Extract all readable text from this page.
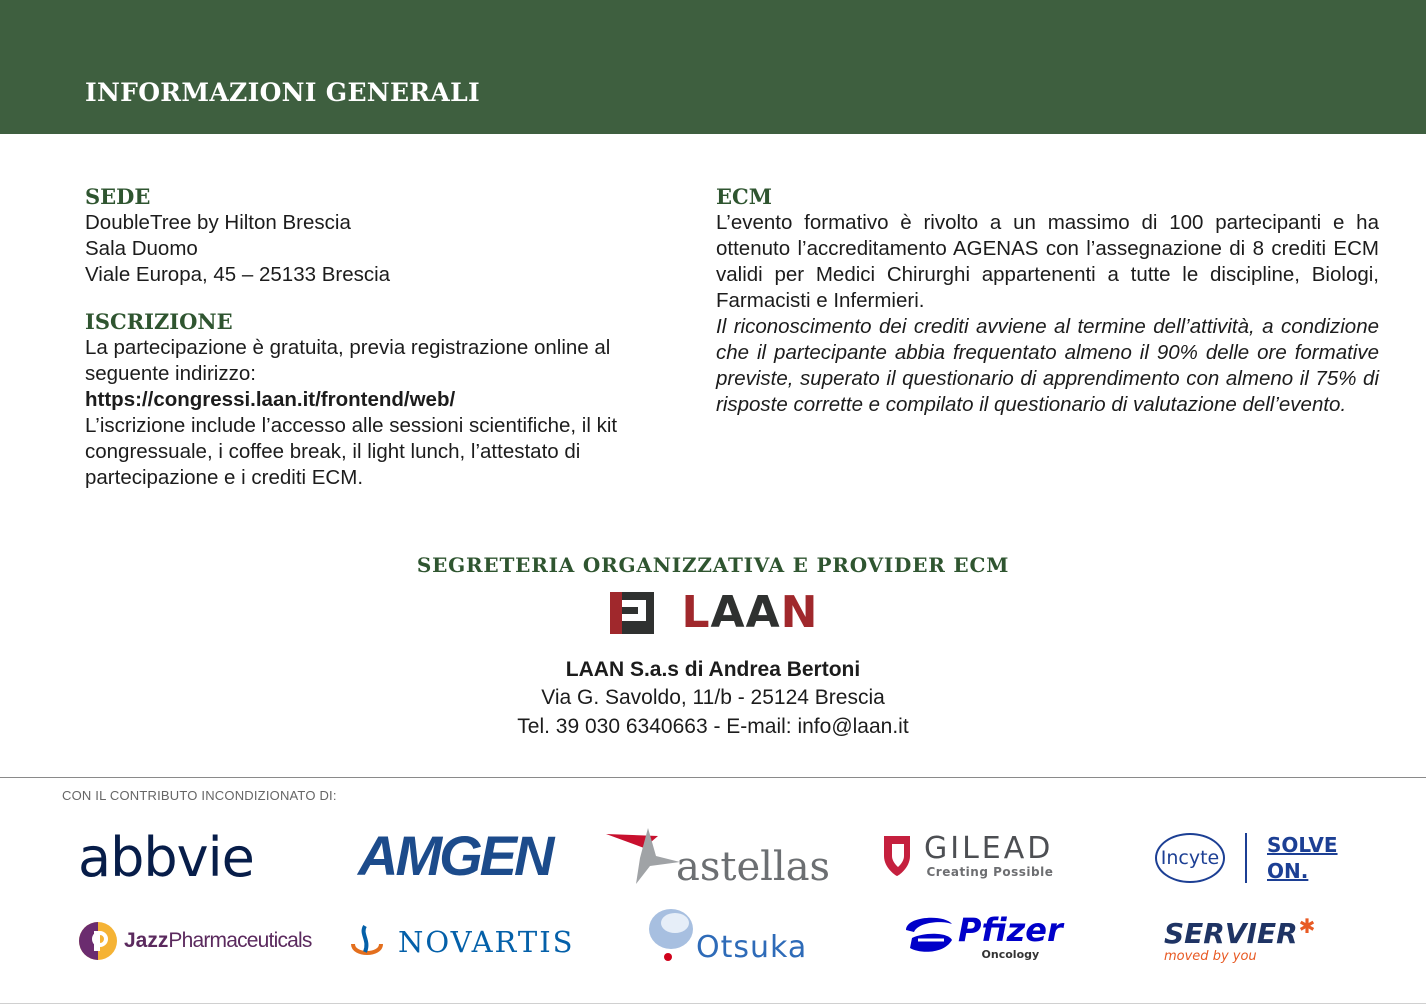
INFORMAZIONI GENERALI
SEDE
DoubleTree by Hilton Brescia
Sala Duomo
Viale Europa, 45 – 25133 Brescia
ISCRIZIONE
La partecipazione è gratuita, previa registrazione online al seguente indirizzo:
https://congressi.laan.it/frontend/web/
L’iscrizione include l’accesso alle sessioni scientifiche, il kit congressuale, i coffee break, il light lunch, l’attestato di partecipazione e i crediti ECM.
ECM
L’evento formativo è rivolto a un massimo di 100 partecipanti e ha ottenuto l’accreditamento AGENAS con l’assegnazione di 8 crediti ECM validi per Medici Chirurghi appartenenti a tutte le discipline, Biologi, Farmacisti e Infermieri.
Il riconoscimento dei crediti avviene al termine dell’attività, a condizione che il partecipante abbia frequentato almeno il 90% delle ore formative previste, superato il questionario di apprendimento con almeno il 75% di risposte corrette e compilato il questionario di valutazione dell’evento.
SEGRETERIA ORGANIZZATIVA E PROVIDER ECM
LAAN
LAAN S.a.s di Andrea Bertoni
Via G. Savoldo, 11/b - 25124 Brescia
Tel. 39 030 6340663 - E-mail: info@laan.it
CON IL CONTRIBUTO INCONDIZIONATO DI:
abbvie AMGEN	astellas	GILEAD
Creating Possible
Incyte
SOLVE
ON.
Jazz Pharmaceuticals	NOVARTIS	Otsuka	Pfizer
Oncology
SERVIER ✱
moved by you
